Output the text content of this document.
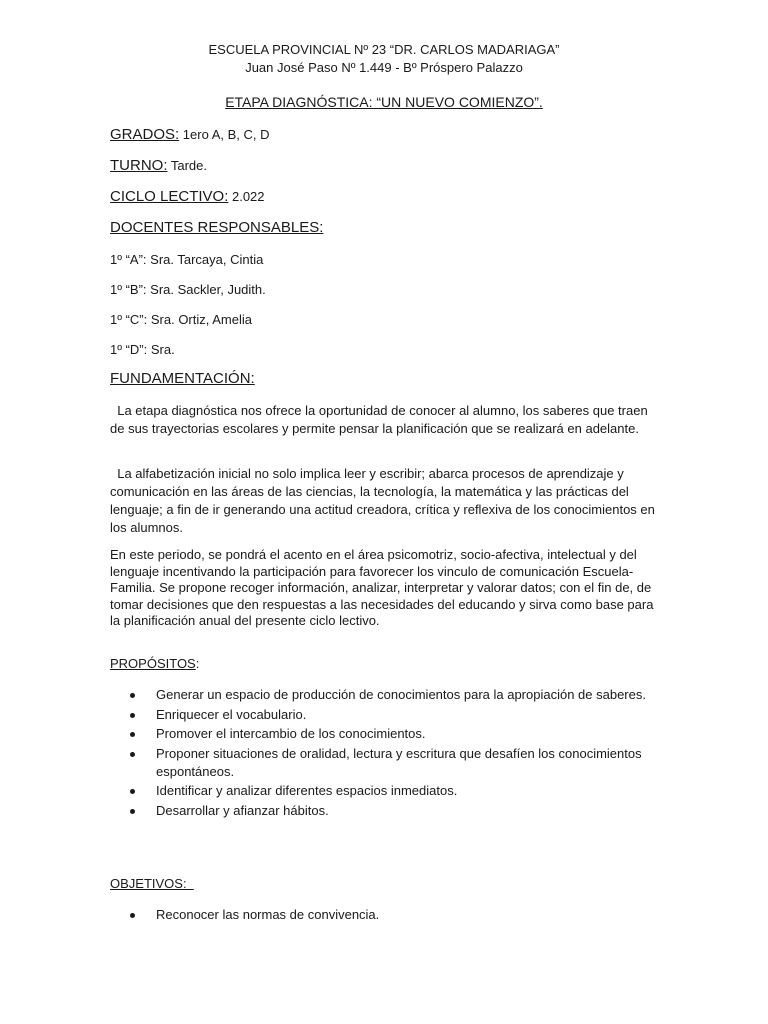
ESCUELA PROVINCIAL Nº 23 “DR. CARLOS MADARIAGA”
Juan José Paso Nº 1.449 - Bº Próspero Palazzo
ETAPA DIAGNÓSTICA: “UN NUEVO COMIENZO”.
GRADOS: 1ero A, B, C, D
TURNO: Tarde.
CICLO LECTIVO: 2.022
DOCENTES RESPONSABLES:
1º “A”: Sra. Tarcaya, Cintia
1º “B”: Sra. Sackler, Judith.
1º “C”: Sra. Ortiz, Amelia
1º “D”: Sra.
FUNDAMENTACIÓN:
La etapa diagnóstica nos ofrece la oportunidad de conocer al alumno, los saberes que traen de sus trayectorias escolares y permite pensar la planificación que se realizará en adelante.
La alfabetización inicial no solo implica leer y escribir; abarca procesos de aprendizaje y comunicación en las áreas de las ciencias, la tecnología, la matemática y las prácticas del lenguaje; a fin de ir generando una actitud creadora, crítica y reflexiva de los conocimientos en los alumnos.
En este periodo, se pondrá el acento en el área psicomotriz, socio-afectiva, intelectual y del lenguaje incentivando la participación para favorecer los vinculo de comunicación Escuela-Familia. Se propone recoger información, analizar, interpretar y valorar datos; con el fin de, de tomar decisiones que den respuestas a las necesidades del educando y sirva como base para la planificación anual del presente ciclo lectivo.
PROPÓSITOS:
Generar un espacio de producción de conocimientos para la apropiación de saberes.
Enriquecer el vocabulario.
Promover el intercambio de los conocimientos.
Proponer situaciones de oralidad, lectura y escritura que desafíen los conocimientos espontáneos.
Identificar y analizar diferentes espacios inmediatos.
Desarrollar y afianzar hábitos.
OBJETIVOS:
Reconocer las normas de convivencia.
